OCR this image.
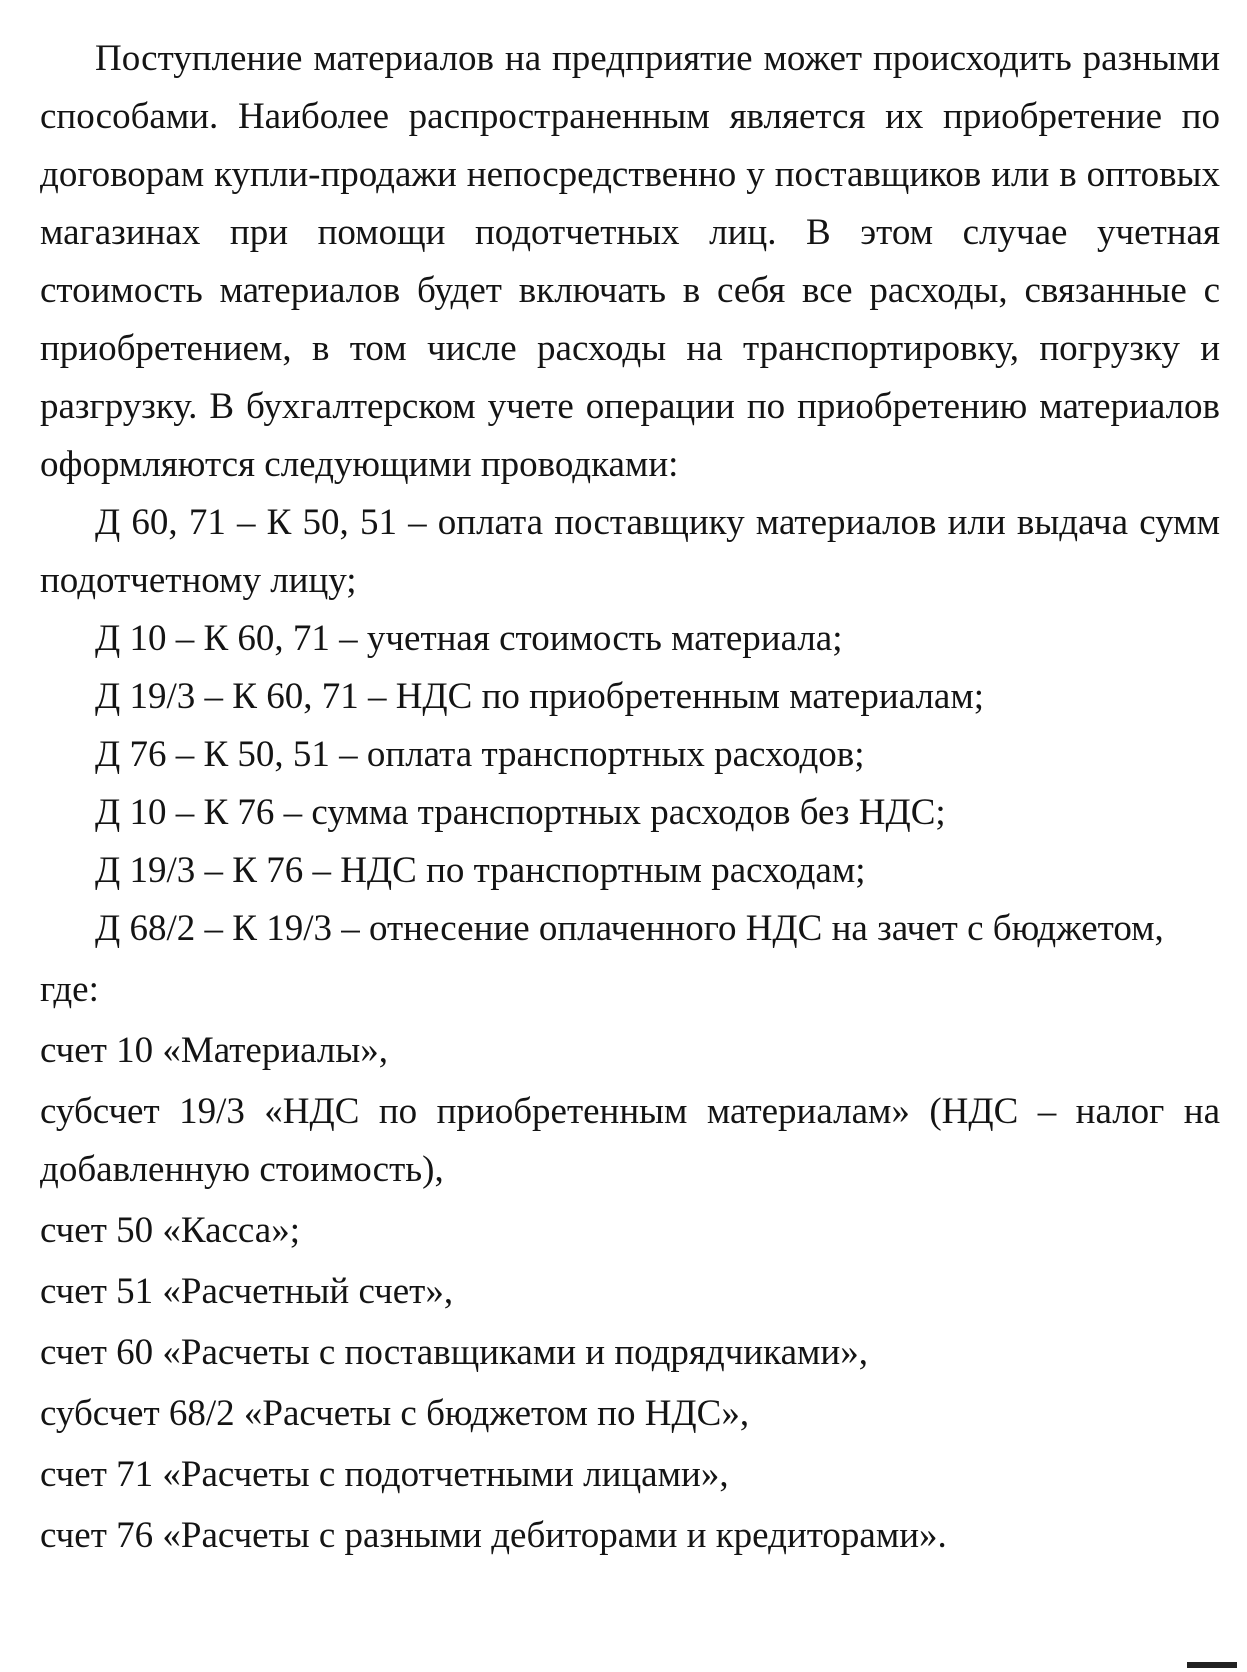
Поступление материалов на предприятие может происходить разными способами. Наиболее распространенным является их приобретение по договорам купли-продажи непосредственно у поставщиков или в оптовых магазинах при помощи подотчетных лиц. В этом случае учетная стоимость материалов будет включать в себя все расходы, связанные с приобретением, в том числе расходы на транспортировку, погрузку и разгрузку. В бухгалтерском учете операции по приобретению материалов оформляются следующими проводками:

Д 60, 71 – К 50, 51 – оплата поставщику материалов или выдача сумм подотчетному лицу;

Д 10 – К 60, 71 – учетная стоимость материала;

Д 19/3 – К 60, 71 – НДС по приобретенным материалам;

Д 76 – К 50, 51 – оплата транспортных расходов;

Д 10 – К 76 – сумма транспортных расходов без НДС;

Д 19/3 – К 76 – НДС по транспортным расходам;

Д 68/2 – К 19/3 – отнесение оплаченного НДС на зачет с бюджетом,

где:

счет 10 «Материалы»,

субсчет 19/3 «НДС по приобретенным материалам» (НДС – налог на добавленную стоимость),

счет 50 «Касса»;

счет 51 «Расчетный счет»,

счет 60 «Расчеты с поставщиками и подрядчиками»,

субсчет 68/2 «Расчеты с бюджетом по НДС»,

счет 71 «Расчеты с подотчетными лицами»,

счет 76 «Расчеты с разными дебиторами и кредиторами».
